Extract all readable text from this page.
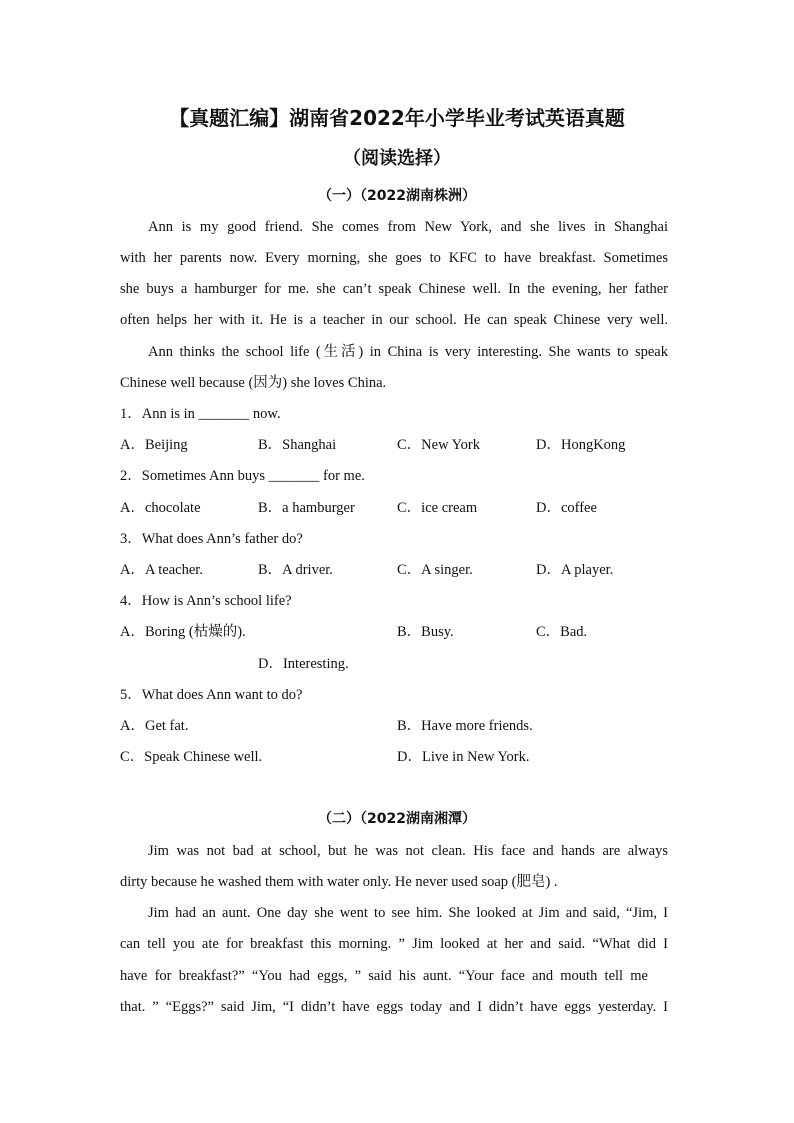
【真题汇编】湖南省2022年小学毕业考试英语真题
（阅读选择）
（一）（2022湖南株洲）
Ann is my good friend. She comes from New York, and she lives in Shanghai
with her parents now. Every morning, she goes to KFC to have breakfast. Sometimes
she buys a hamburger for me. she can’t speak Chinese well. In the evening, her father
often helps her with it. He is a teacher in our school. He can speak Chinese very well.
Ann thinks the school life (生活) in China is very interesting. She wants to speak
Chinese well because (因为) she loves China.
1．Ann is in _______ now.
A．Beijing	B．Shanghai	C．New York	D．HongKong
2．Sometimes Ann buys _______ for me.
A．chocolate	B．a hamburger	C．ice cream	D．coffee
3．What does Ann’s father do?
A．A teacher.	B．A driver.	C．A singer.	D．A player.
4．How is Ann’s school life?
A．Boring (枯燥的).	B．Busy.	C．Bad.
D．Interesting.
5．What does Ann want to do?
A．Get fat.	B．Have more friends.
C．Speak Chinese well.	D．Live in New York.
（二）（2022湖南湘潭）
Jim was not bad at school, but he was not clean. His face and hands are always
dirty because he washed them with water only. He never used soap (肥皂) .
Jim had an aunt. One day she went to see him. She looked at Jim and said, “Jim, I
can tell you ate for breakfast this morning. ” Jim looked at her and said. “What did I
have for breakfast?” “You had eggs, ” said his aunt. “Your face and mouth tell me
that. ” “Eggs?” said Jim, “I didn’t have eggs today and I didn’t have eggs yesterday. I
